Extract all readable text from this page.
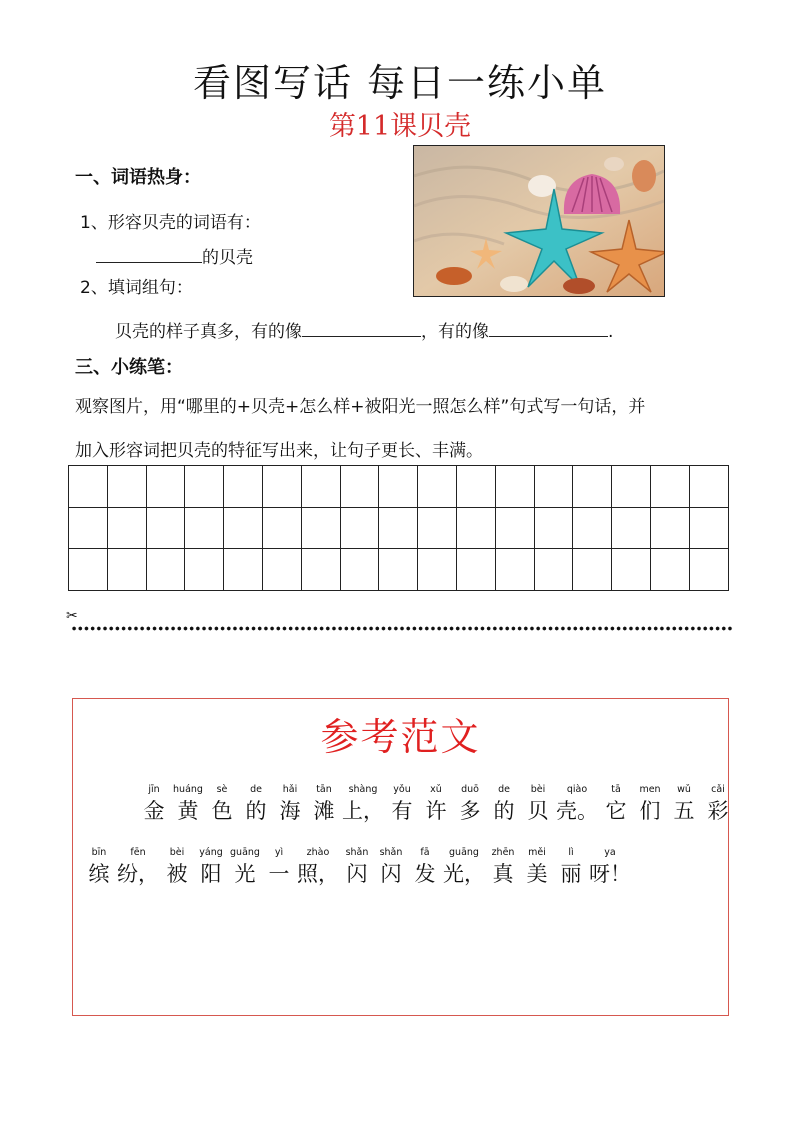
看图写话 每日一练小单
第11课贝壳
一、词语热身：
1、形容贝壳的词语有：
的贝壳
2、填词组句：
贝壳的样子真多，有的像	，有的像	.
三、小练笔：
观察图片，用“哪里的+贝壳+怎么样+被阳光一照怎么样”句式写一句话，并
加入形容词把贝壳的特征写出来，让句子更长、丰满。

✂
参考范文
jīn
金
huáng
黄
sè
色
de
的
hǎi
海
tān
滩
shàng
上，
yǒu
有
xǔ
许
duō
多
de
的
bèi
贝
qiào
壳。
tā
它
men
们
wǔ
五
cǎi
彩
bīn
缤
fēn
纷，
bèi
被
yáng
阳
guāng
光
yì
一
zhào
照，
shǎn
闪
shǎn
闪
fā
发
guāng
光，
zhēn
真
měi
美
lì
丽
ya
呀！
